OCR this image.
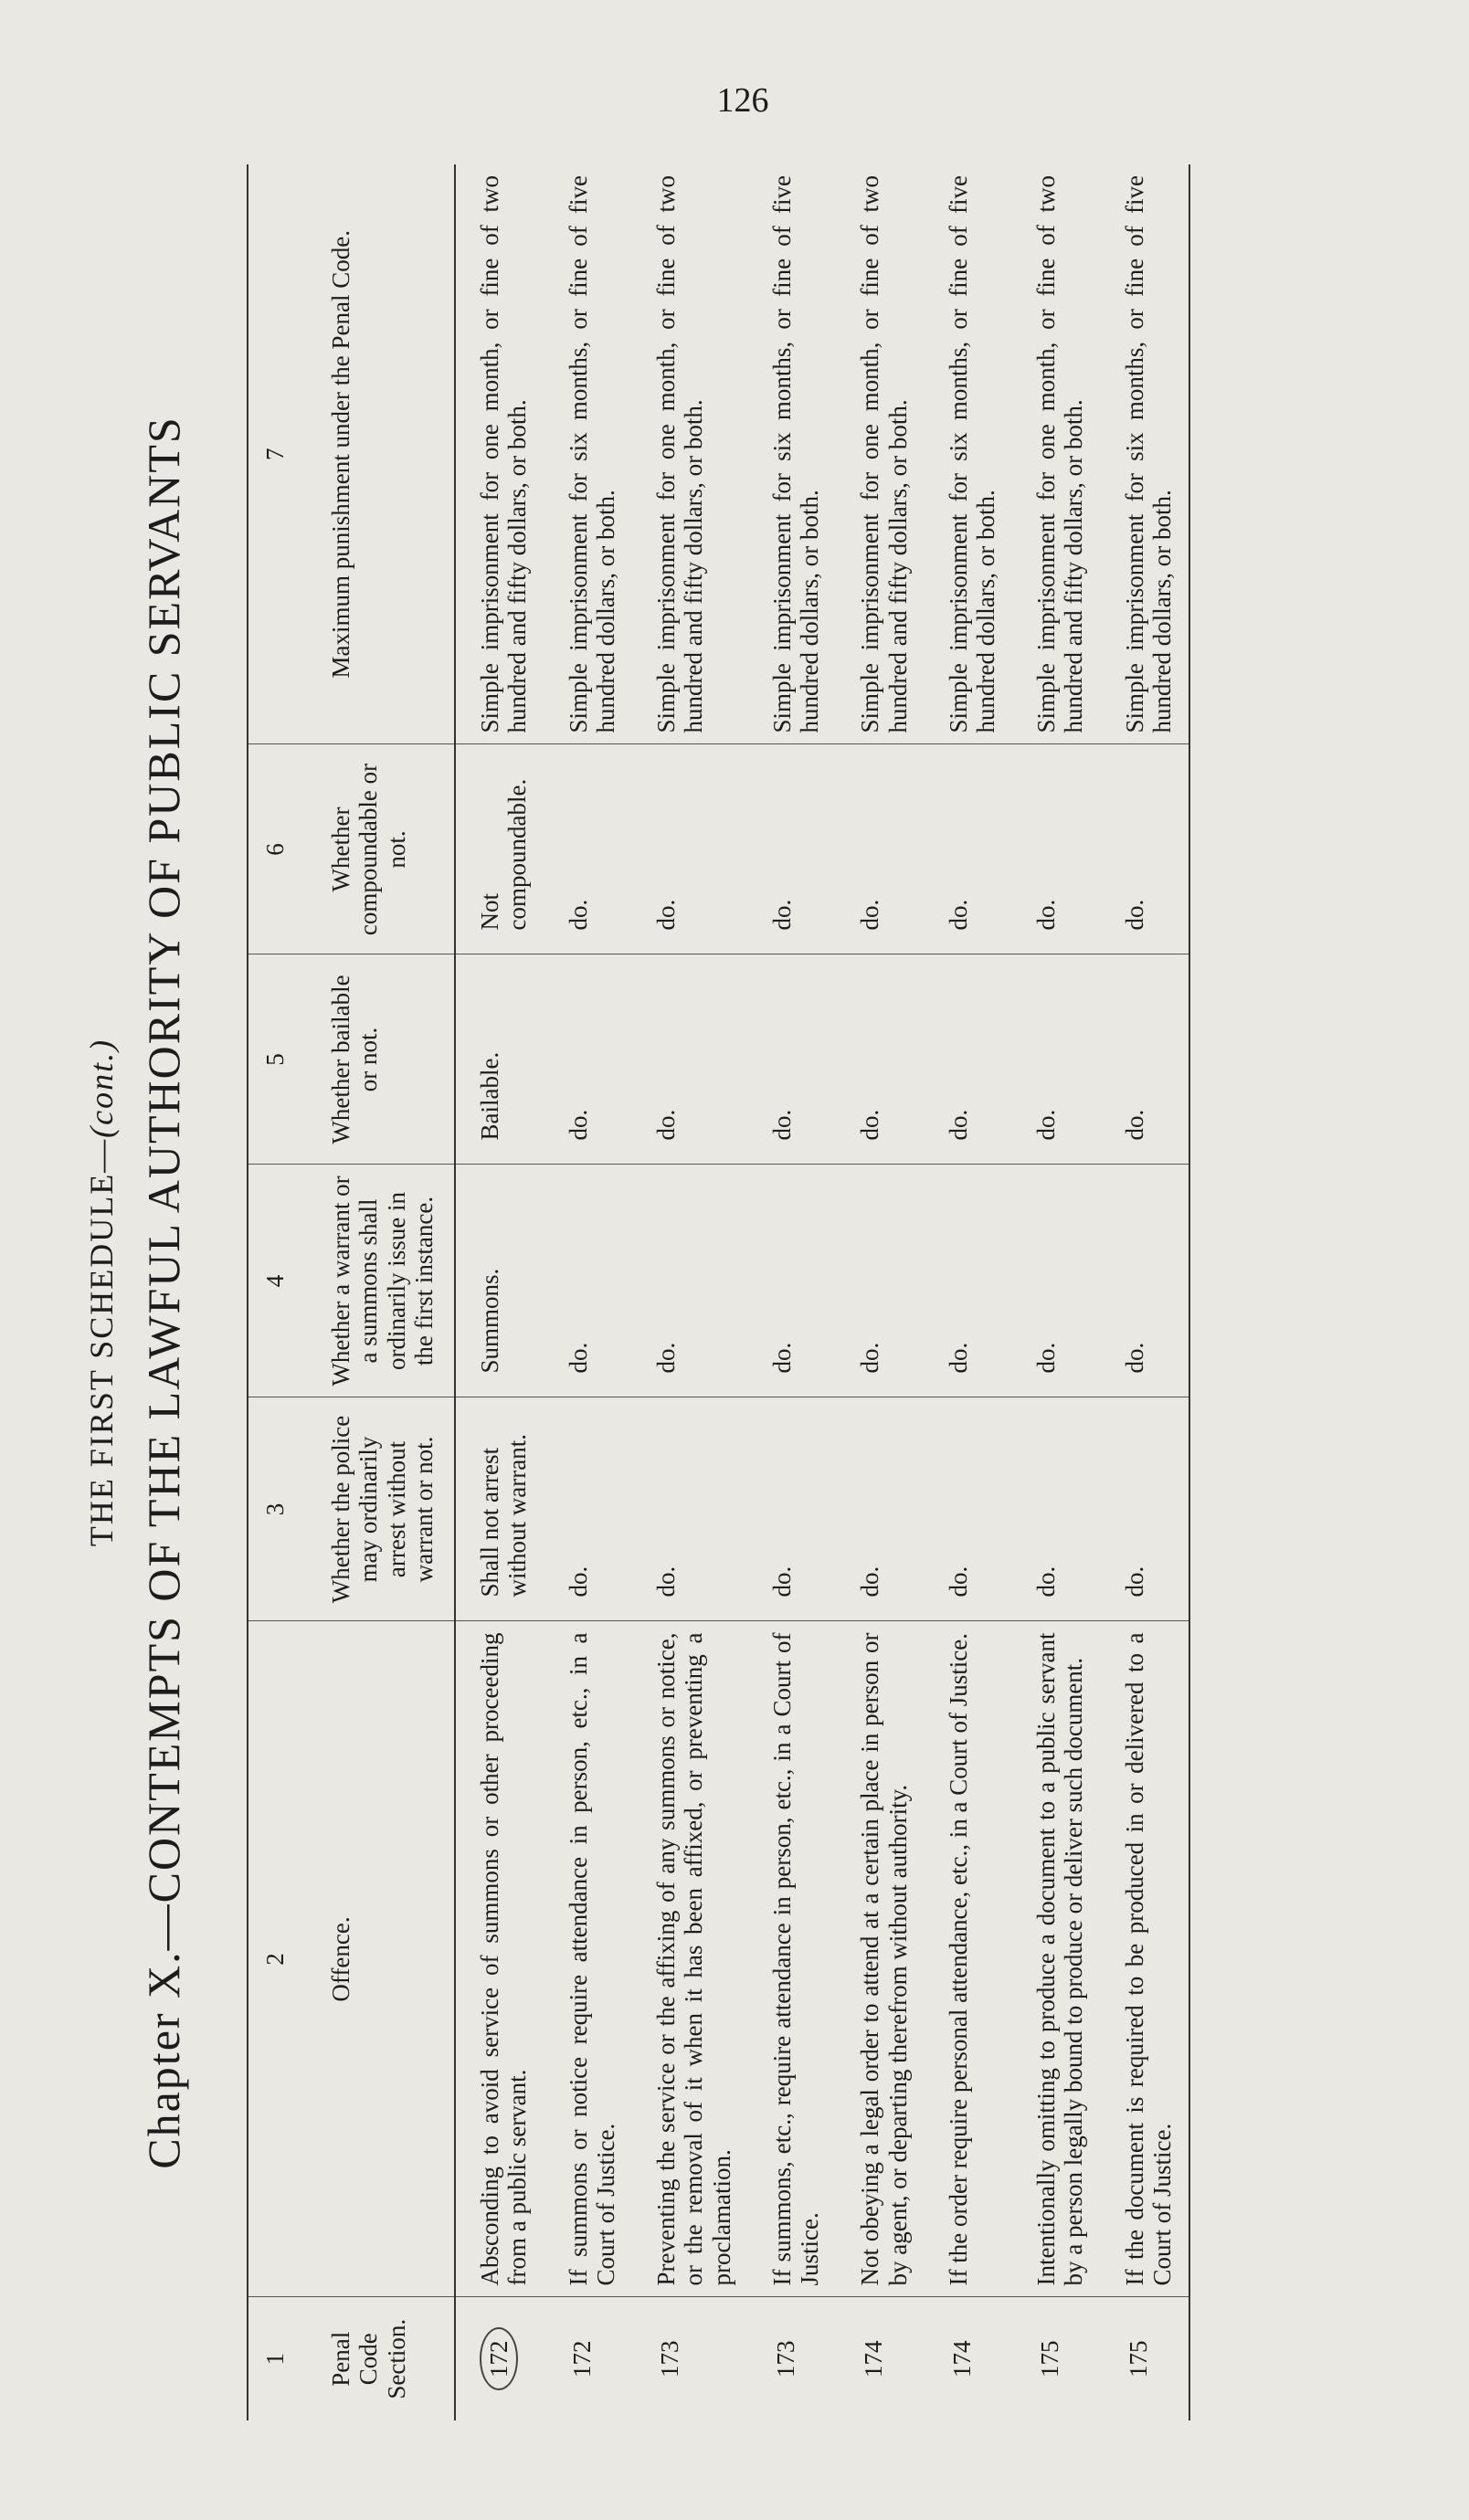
126
THE FIRST SCHEDULE—(cont.) Chapter X.—CONTEMPTS OF THE LAWFUL AUTHORITY OF PUBLIC SERVANTS
1 Penal Code Section.	2 Offence.	3 Whether the police may ordinarily arrest without warrant or not.	4 Whether a warrant or a summons shall ordinarily issue in the first instance.	5 Whether bailable or not.	6 Whether compoundable or not.	7 Maximum punishment under the Penal Code.
172	Absconding to avoid service of summons or other proceeding from a public servant.	Shall not arrest without warrant.	Summons.	Bailable.	Not compoundable.	Simple imprisonment for one month, or fine of two hundred and fifty dollars, or both.
172	If summons or notice require attendance in person, etc., in a Court of Justice.	do.	do.	do.	do.	Simple imprisonment for six months, or fine of five hundred dollars, or both.
173	Preventing the service or the affixing of any summons or notice, or the removal of it when it has been affixed, or preventing a proclamation.	do.	do.	do.	do.	Simple imprisonment for one month, or fine of two hundred and fifty dollars, or both.
173	If summons, etc., require attendance in person, etc., in a Court of Justice.	do.	do.	do.	do.	Simple imprisonment for six months, or fine of five hundred dollars, or both.
174	Not obeying a legal order to attend at a certain place in person or by agent, or departing therefrom without authority.	do.	do.	do.	do.	Simple imprisonment for one month, or fine of two hundred and fifty dollars, or both.
174	If the order require personal attendance, etc., in a Court of Justice.	do.	do.	do.	do.	Simple imprisonment for six months, or fine of five hundred dollars, or both.
175	Intentionally omitting to produce a document to a public servant by a person legally bound to produce or deliver such document.	do.	do.	do.	do.	Simple imprisonment for one month, or fine of two hundred and fifty dollars, or both.
175	If the document is required to be produced in or delivered to a Court of Justice.	do.	do.	do.	do.	Simple imprisonment for six months, or fine of five hundred dollars, or both.
